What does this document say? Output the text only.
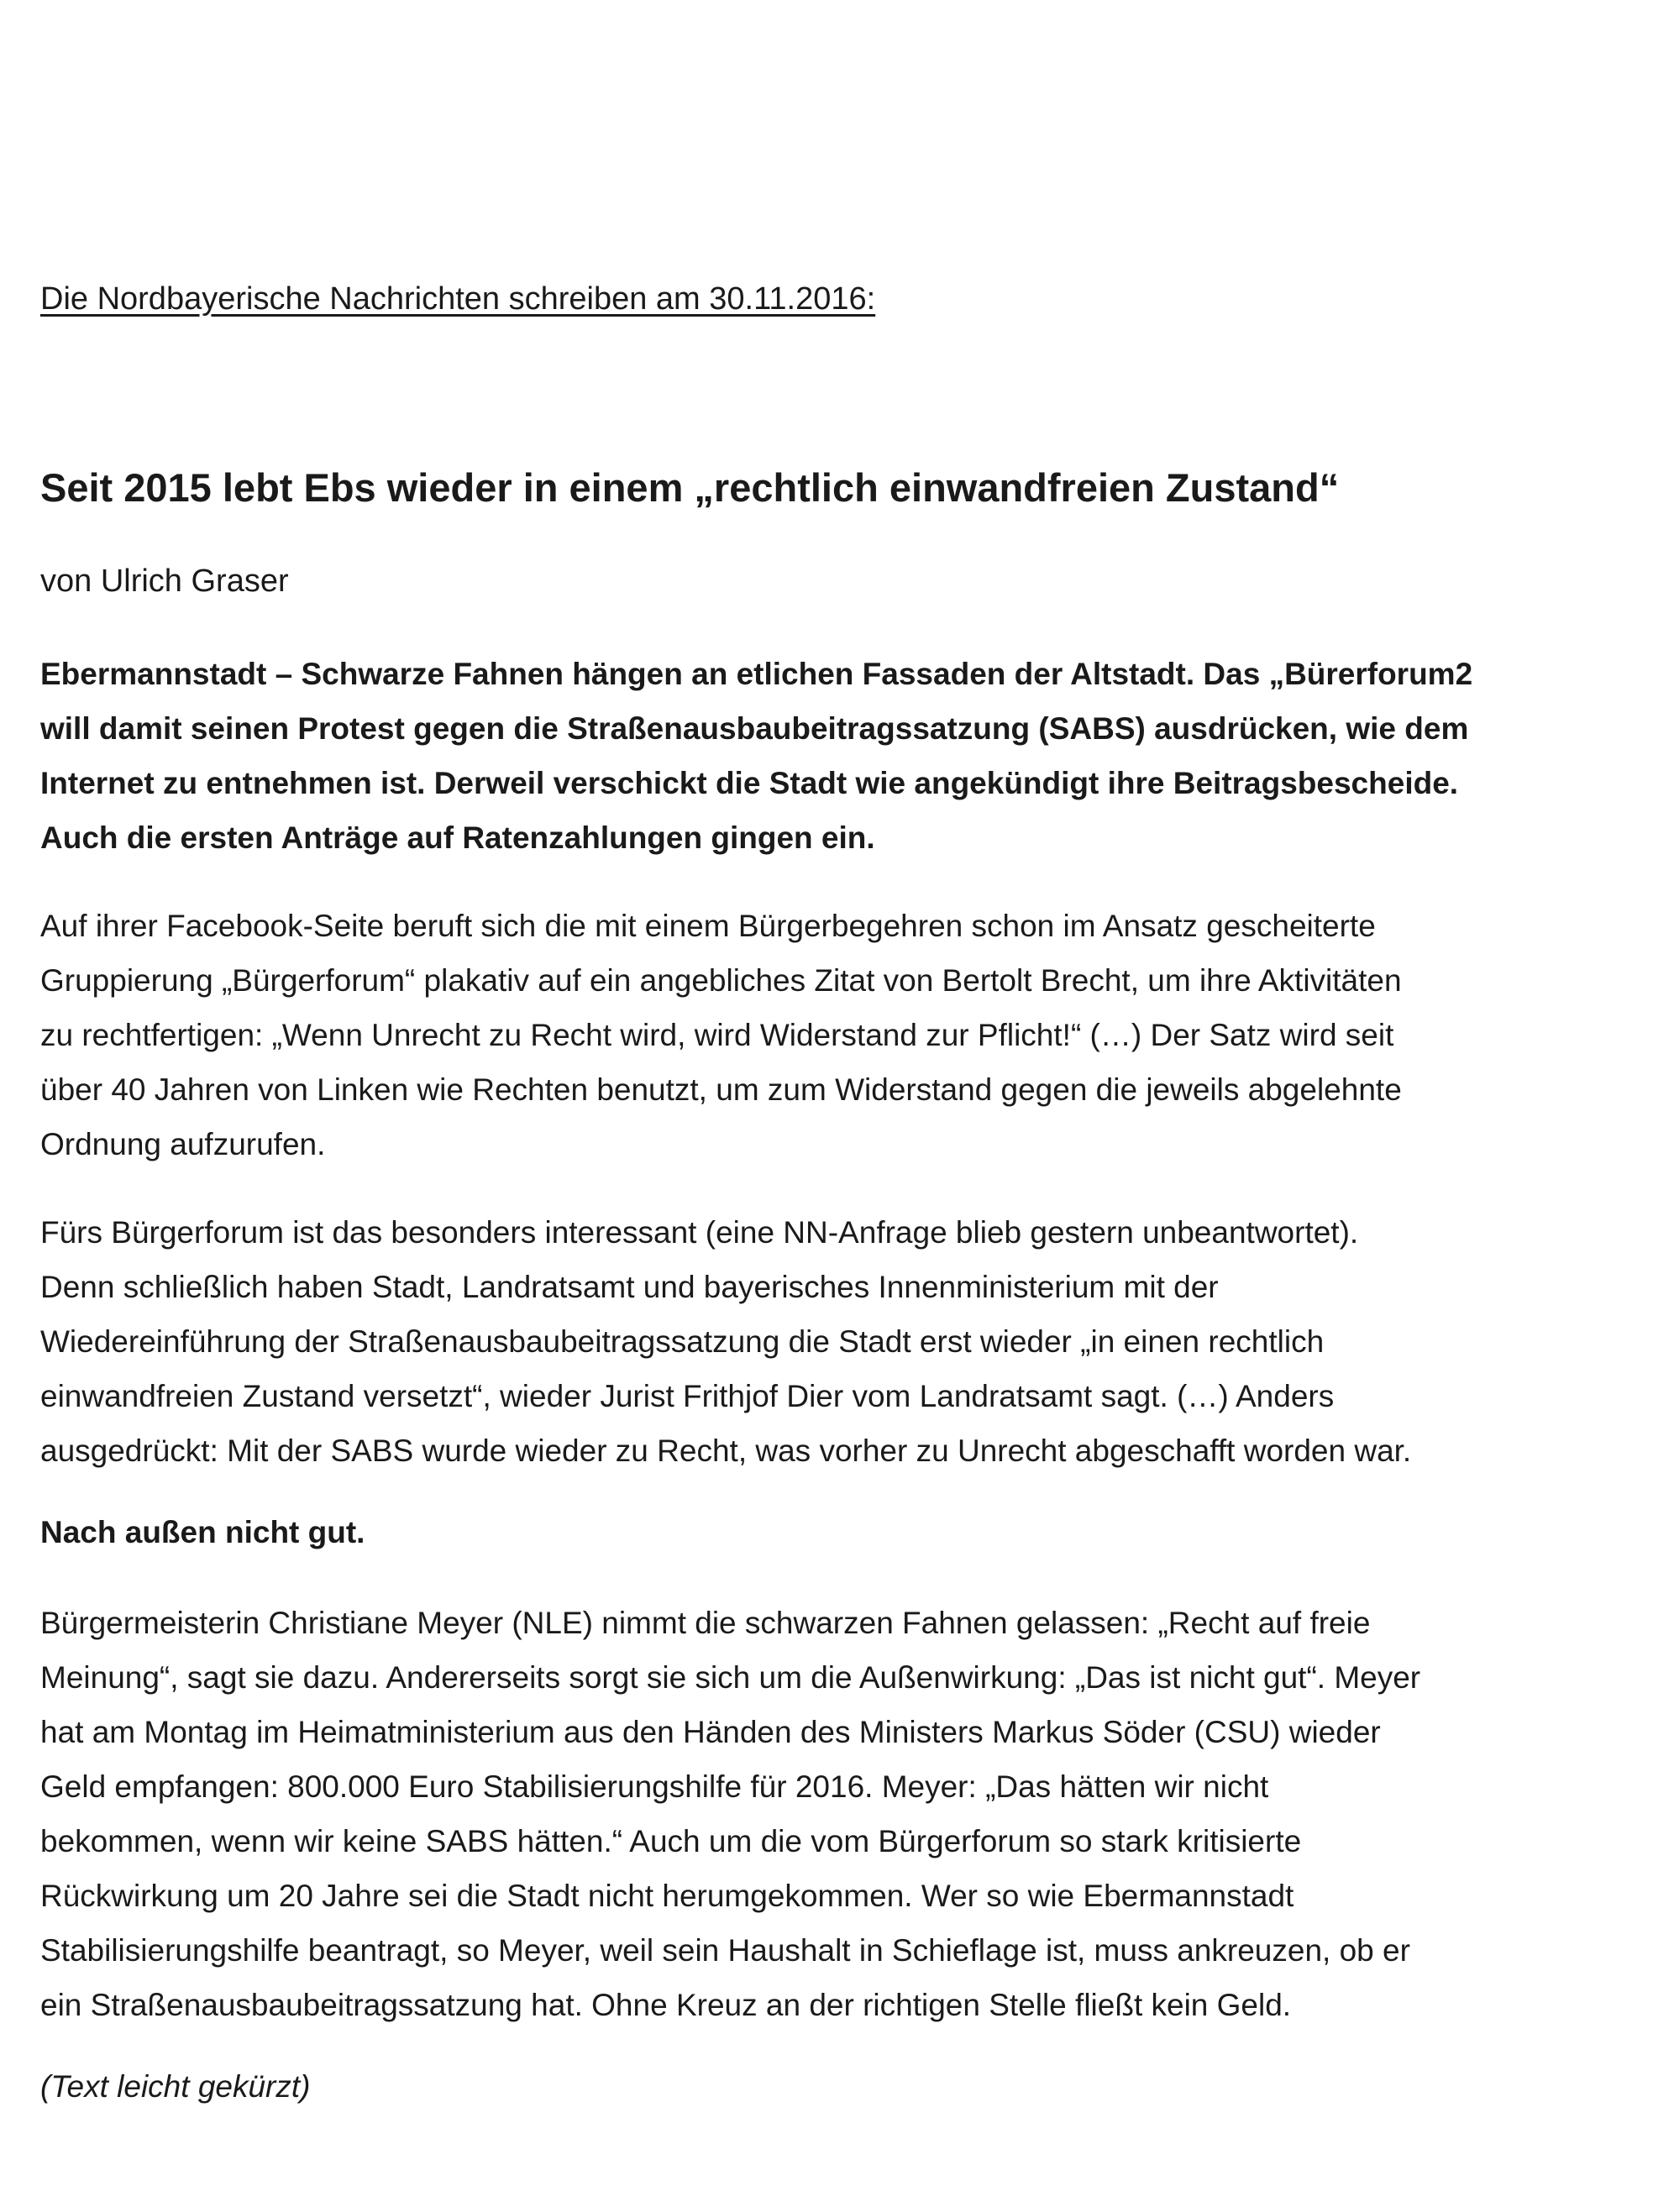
Die Nordbayerische Nachrichten schreiben am 30.11.2016:
Seit 2015 lebt Ebs wieder in einem „rechtlich einwandfreien Zustand“
von Ulrich Graser

Ebermannstadt – Schwarze Fahnen hängen an etlichen Fassaden der Altstadt. Das „Bürerforum2
will damit seinen Protest gegen die Straßenausbaubeitragssatzung (SABS) ausdrücken, wie dem
Internet zu entnehmen ist. Derweil verschickt die Stadt wie angekündigt ihre Beitragsbescheide.
Auch die ersten Anträge auf Ratenzahlungen gingen ein.

Auf ihrer Facebook-Seite beruft sich die mit einem Bürgerbegehren schon im Ansatz gescheiterte
Gruppierung „Bürgerforum“ plakativ auf ein angebliches Zitat von Bertolt Brecht, um ihre Aktivitäten
zu rechtfertigen: „Wenn Unrecht zu Recht wird, wird Widerstand zur Pflicht!“ (…) Der Satz wird seit
über 40 Jahren von Linken wie Rechten benutzt, um zum Widerstand gegen die jeweils abgelehnte
Ordnung aufzurufen.

Fürs Bürgerforum ist das besonders interessant (eine NN-Anfrage blieb gestern unbeantwortet).
Denn schließlich haben Stadt, Landratsamt und bayerisches Innenministerium mit der
Wiedereinführung der Straßenausbaubeitragssatzung die Stadt erst wieder „in einen rechtlich
einwandfreien Zustand versetzt“, wieder Jurist Frithjof Dier vom Landratsamt sagt. (…) Anders
ausgedrückt: Mit der SABS wurde wieder zu Recht, was vorher zu Unrecht abgeschafft worden war.

Nach außen nicht gut.

Bürgermeisterin Christiane Meyer (NLE) nimmt die schwarzen Fahnen gelassen: „Recht auf freie
Meinung“, sagt sie dazu. Andererseits sorgt sie sich um die Außenwirkung: „Das ist nicht gut“. Meyer
hat am Montag im Heimatministerium aus den Händen des Ministers Markus Söder (CSU) wieder
Geld empfangen: 800.000 Euro Stabilisierungshilfe für 2016. Meyer: „Das hätten wir nicht
bekommen, wenn wir keine SABS hätten.“ Auch um die vom Bürgerforum so stark kritisierte
Rückwirkung um 20 Jahre sei die Stadt nicht herumgekommen. Wer so wie Ebermannstadt
Stabilisierungshilfe beantragt, so Meyer, weil sein Haushalt in Schieflage ist, muss ankreuzen, ob er
ein Straßenausbaubeitragssatzung hat. Ohne Kreuz an der richtigen Stelle fließt kein Geld.

(Text leicht gekürzt)
